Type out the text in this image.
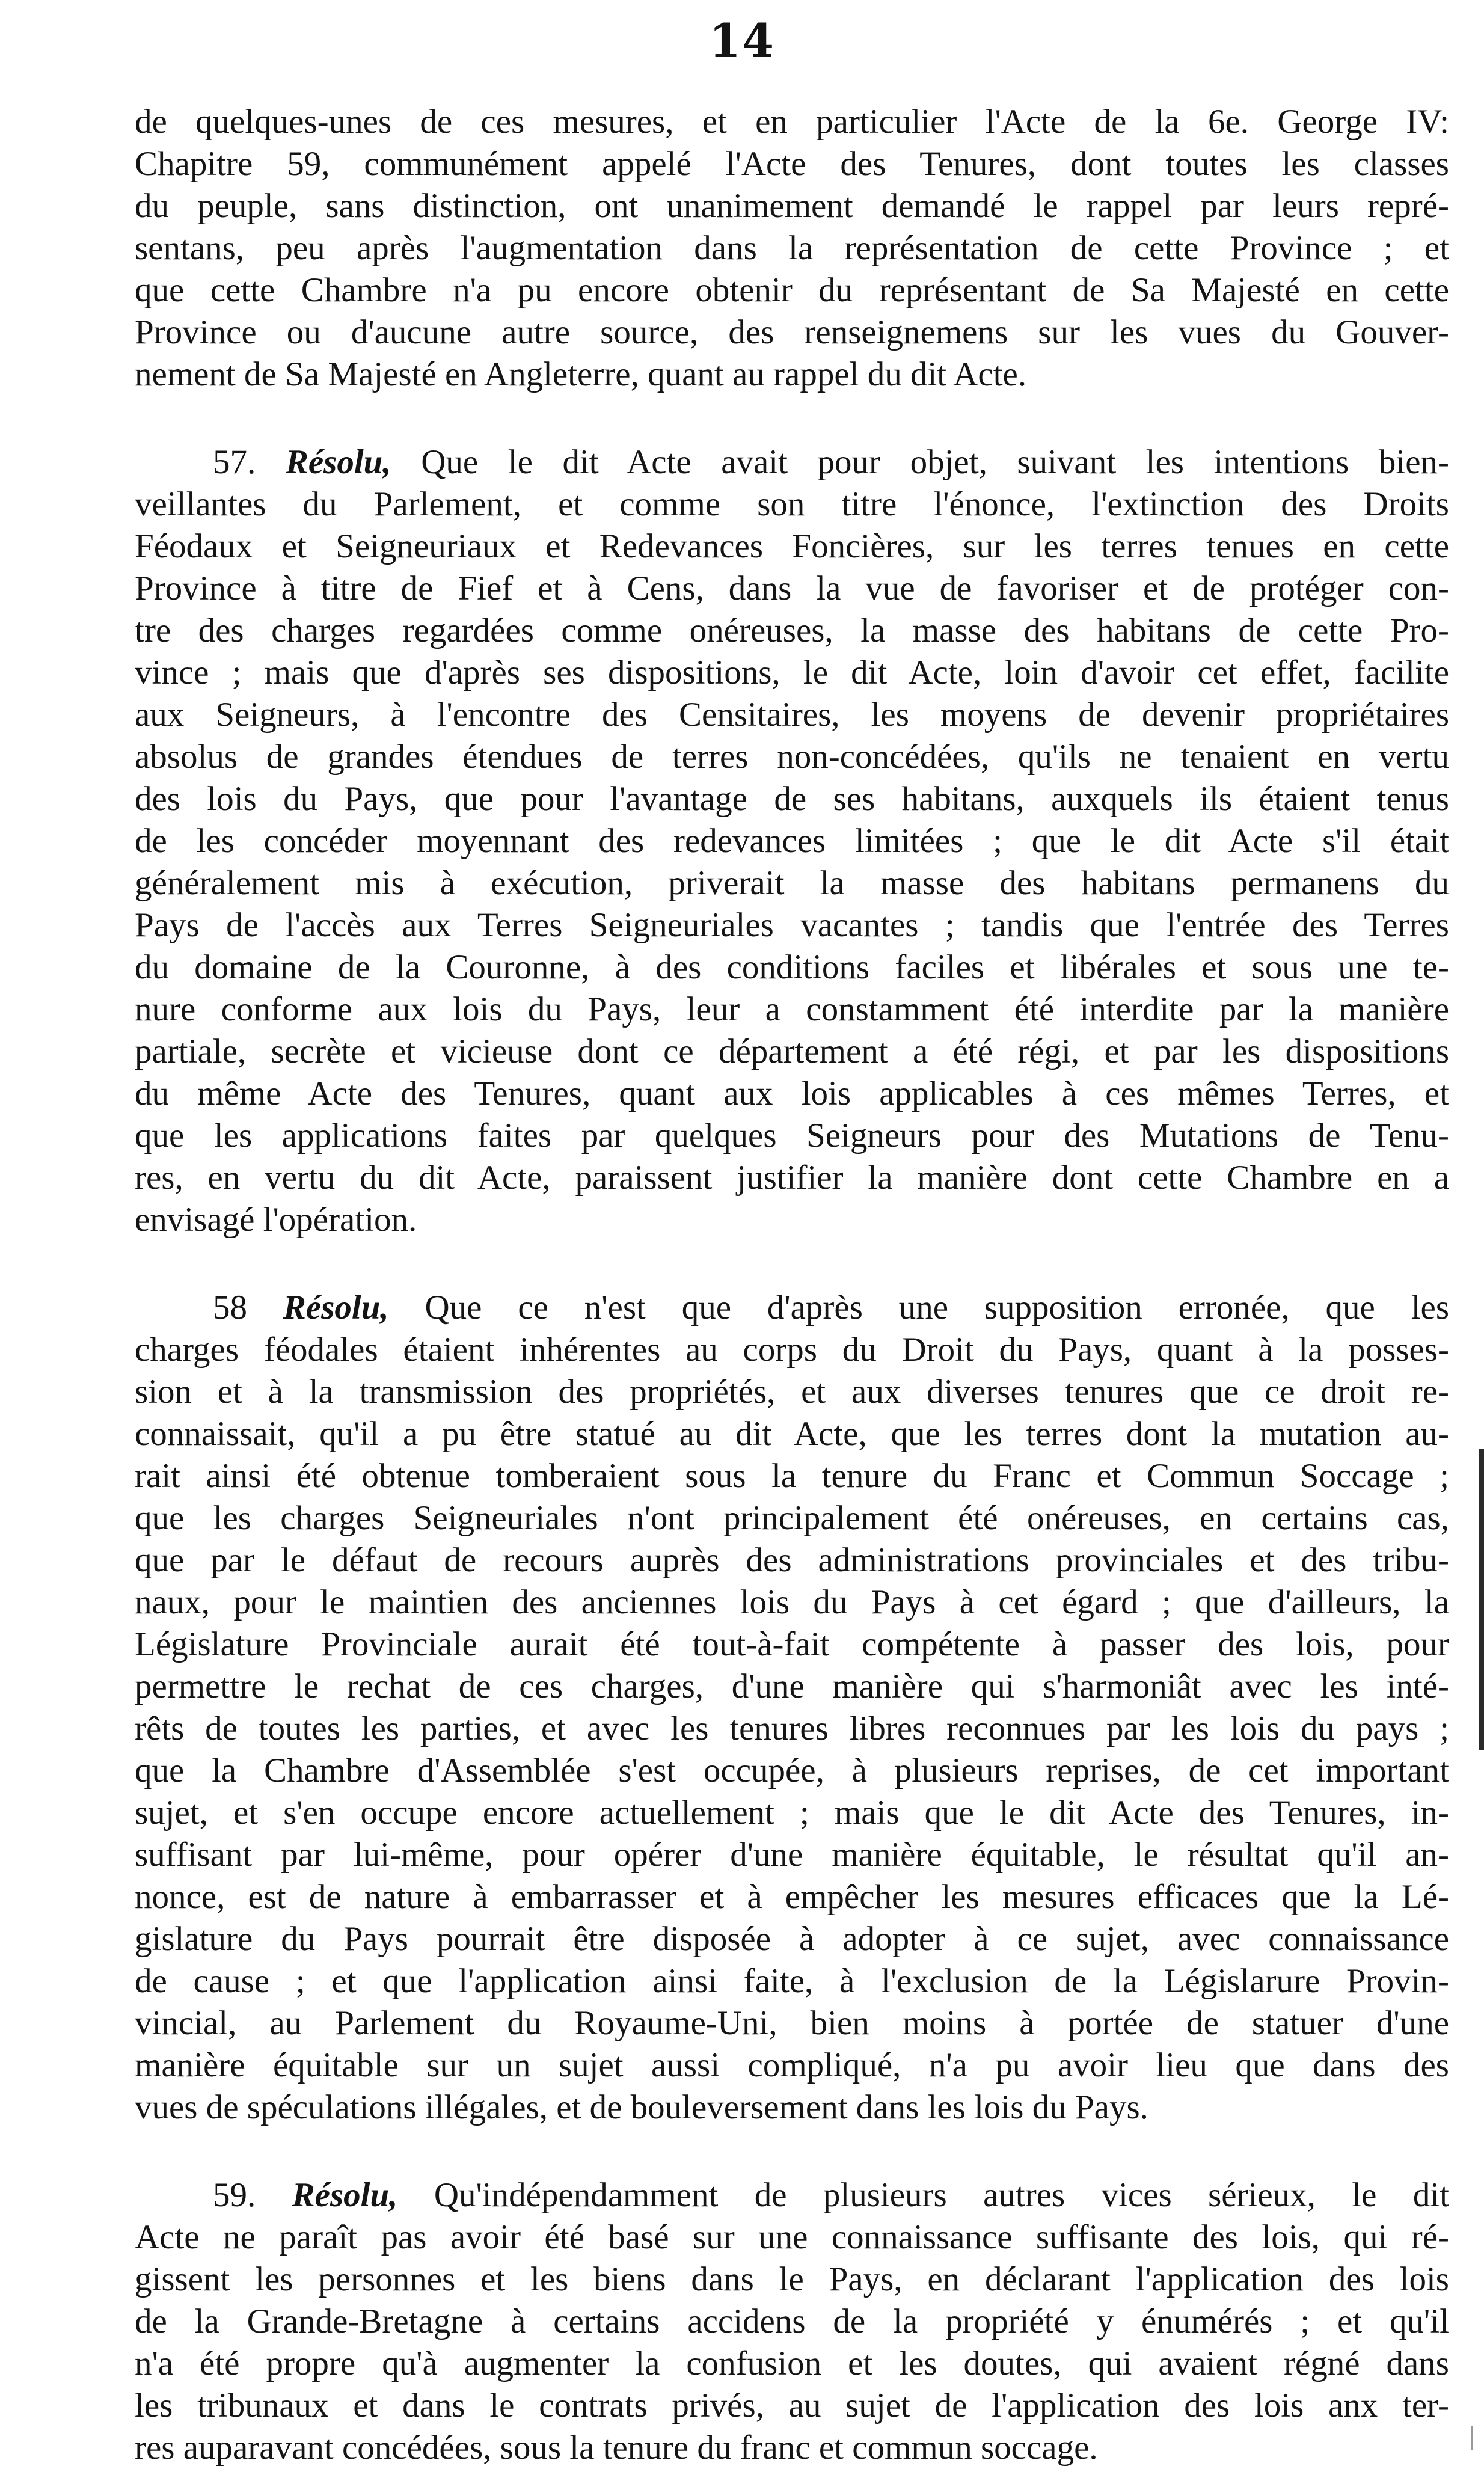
14

de quelques-unes de ces mesures, et en particulier l'Acte de la 6e. George IV:
Chapitre 59, communément appelé l'Acte des Tenures, dont toutes les classes
du peuple, sans distinction, ont unanimement demandé le rappel par leurs repré-
sentans, peu après l'augmentation dans la représentation de cette Province ; et
que cette Chambre n'a pu encore obtenir du représentant de Sa Majesté en cette
Province ou d'aucune autre source, des renseignemens sur les vues du Gouver-
nement de Sa Majesté en Angleterre, quant au rappel du dit Acte.

57. Résolu, Que le dit Acte avait pour objet, suivant les intentions bien-
veillantes du Parlement, et comme son titre l'énonce, l'extinction des Droits
Féodaux et Seigneuriaux et Redevances Foncières, sur les terres tenues en cette
Province à titre de Fief et à Cens, dans la vue de favoriser et de protéger con-
tre des charges regardées comme onéreuses, la masse des habitans de cette Pro-
vince ; mais que d'après ses dispositions, le dit Acte, loin d'avoir cet effet, facilite
aux Seigneurs, à l'encontre des Censitaires, les moyens de devenir propriétaires
absolus de grandes étendues de terres non-concédées, qu'ils ne tenaient en vertu
des lois du Pays, que pour l'avantage de ses habitans, auxquels ils étaient tenus
de les concéder moyennant des redevances limitées ; que le dit Acte s'il était
généralement mis à exécution, priverait la masse des habitans permanens du
Pays de l'accès aux Terres Seigneuriales vacantes ; tandis que l'entrée des Terres
du domaine de la Couronne, à des conditions faciles et libérales et sous une te-
nure conforme aux lois du Pays, leur a constamment été interdite par la manière
partiale, secrète et vicieuse dont ce département a été régi, et par les dispositions
du même Acte des Tenures, quant aux lois applicables à ces mêmes Terres, et
que les applications faites par quelques Seigneurs pour des Mutations de Tenu-
res, en vertu du dit Acte, paraissent justifier la manière dont cette Chambre en a
envisagé l'opération.

58 Résolu, Que ce n'est que d'après une supposition erronée, que les
charges féodales étaient inhérentes au corps du Droit du Pays, quant à la posses-
sion et à la transmission des propriétés, et aux diverses tenures que ce droit re-
connaissait, qu'il a pu être statué au dit Acte, que les terres dont la mutation au-
rait ainsi été obtenue tomberaient sous la tenure du Franc et Commun Soccage ;
que les charges Seigneuriales n'ont principalement été onéreuses, en certains cas,
que par le défaut de recours auprès des administrations provinciales et des tribu-
naux, pour le maintien des anciennes lois du Pays à cet égard ; que d'ailleurs, la
Législature Provinciale aurait été tout-à-fait compétente à passer des lois, pour
permettre le rechat de ces charges, d'une manière qui s'harmoniât avec les inté-
rêts de toutes les parties, et avec les tenures libres reconnues par les lois du pays ;
que la Chambre d'Assemblée s'est occupée, à plusieurs reprises, de cet important
sujet, et s'en occupe encore actuellement ; mais que le dit Acte des Tenures, in-
suffisant par lui-même, pour opérer d'une manière équitable, le résultat qu'il an-
nonce, est de nature à embarrasser et à empêcher les mesures efficaces que la Lé-
gislature du Pays pourrait être disposée à adopter à ce sujet, avec connaissance
de cause ; et que l'application ainsi faite, à l'exclusion de la Législarure Provin-
vincial, au Parlement du Royaume-Uni, bien moins à portée de statuer d'une
manière équitable sur un sujet aussi compliqué, n'a pu avoir lieu que dans des
vues de spéculations illégales, et de bouleversement dans les lois du Pays.

59. Résolu, Qu'indépendamment de plusieurs autres vices sérieux, le dit
Acte ne paraît pas avoir été basé sur une connaissance suffisante des lois, qui ré-
gissent les personnes et les biens dans le Pays, en déclarant l'application des lois
de la Grande-Bretagne à certains accidens de la propriété y énumérés ; et qu'il
n'a été propre qu'à augmenter la confusion et les doutes, qui avaient régné dans
les tribunaux et dans le contrats privés, au sujet de l'application des lois anx ter-
res auparavant concédées, sous la tenure du franc et commun soccage.
